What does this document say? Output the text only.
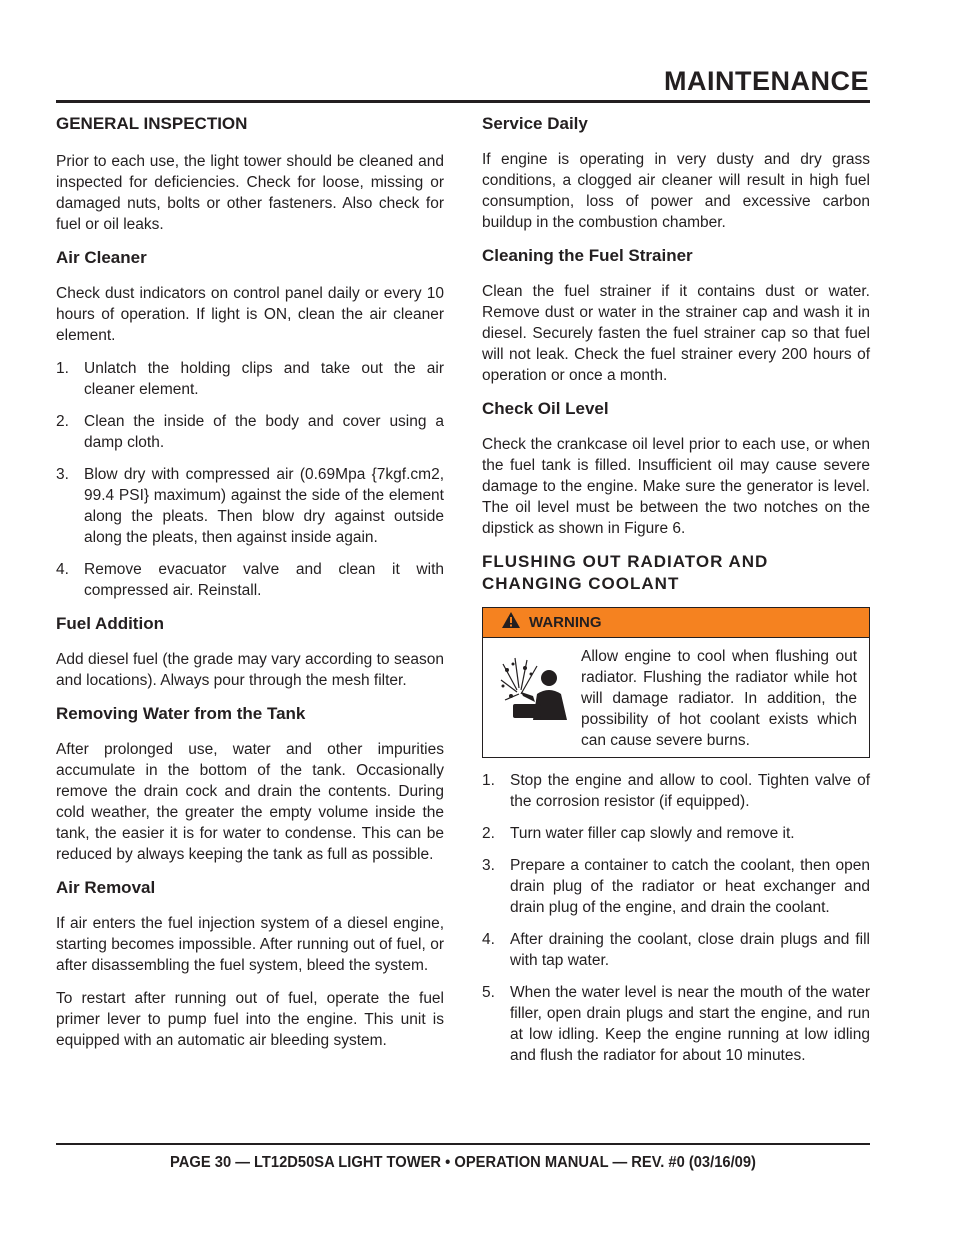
MAINTENANCE
GENERAL INSPECTION

Prior to each use, the light tower should be cleaned and inspected for deficiencies. Check for loose, missing or damaged nuts, bolts or other fasteners. Also check for fuel or oil leaks.

Air Cleaner

Check dust indicators on control panel daily or every 10 hours of operation. If light is ON, clean the air cleaner element.

1. Unlatch the holding clips and take out the air cleaner element.
2. Clean the inside of the body and cover using a damp cloth.
3. Blow dry with compressed air (0.69Mpa {7kgf.cm2, 99.4 PSI} maximum) against the side of the element along the pleats. Then blow dry against outside along the pleats, then against inside again.
4. Remove evacuator valve and clean it with compressed air. Reinstall.
Fuel Addition

Add diesel fuel (the grade may vary according to season and locations). Always pour through the mesh filter.

Removing Water from the Tank

After prolonged use, water and other impurities accumulate in the bottom of the tank. Occasionally remove the drain cock and drain the contents. During cold weather, the greater the empty volume inside the tank, the easier it is for water to condense. This can be reduced by always keeping the tank as full as possible.

Air Removal

If air enters the fuel injection system of a diesel engine, starting becomes impossible. After running out of fuel, or after disassembling the fuel system, bleed the system.

To restart after running out of fuel, operate the fuel primer lever to pump fuel into the engine. This unit is equipped with an automatic air bleeding system.

Service Daily

If engine is operating in very dusty and dry grass conditions, a clogged air cleaner will result in high fuel consumption, loss of power and excessive carbon buildup in the combustion chamber.

Cleaning the Fuel Strainer

Clean the fuel strainer if it contains dust or water. Remove dust or water in the strainer cap and wash it in diesel. Securely fasten the fuel strainer cap so that fuel will not leak. Check the fuel strainer every 200 hours of operation or once a month.

Check Oil Level

Check the crankcase oil level prior to each use, or when the fuel tank is filled. Insufficient oil may cause severe damage to the engine. Make sure the generator is level. The oil level must be between the two notches on the dipstick as shown in Figure 6.

FLUSHING OUT RADIATOR AND CHANGING COOLANT
WARNING

Allow engine to cool when flushing out radiator. Flushing the radiator while hot will damage radiator. In addition, the possibility of hot coolant exists which can cause severe burns.

1. Stop the engine and allow to cool. Tighten valve of the corrosion resistor (if equipped).
2. Turn water filler cap slowly and remove it.
3. Prepare a container to catch the coolant, then open drain plug of the radiator or heat exchanger and drain plug of the engine, and drain the coolant.
4. After draining the coolant, close drain plugs and fill with tap water.
5. When the water level is near the mouth of the water filler, open drain plugs and start the engine, and run at low idling. Keep the engine running at low idling and flush the radiator for about 10 minutes.
PAGE 30 — LT12D50SA LIGHT TOWER • OPERATION MANUAL — REV. #0 (03/16/09)
